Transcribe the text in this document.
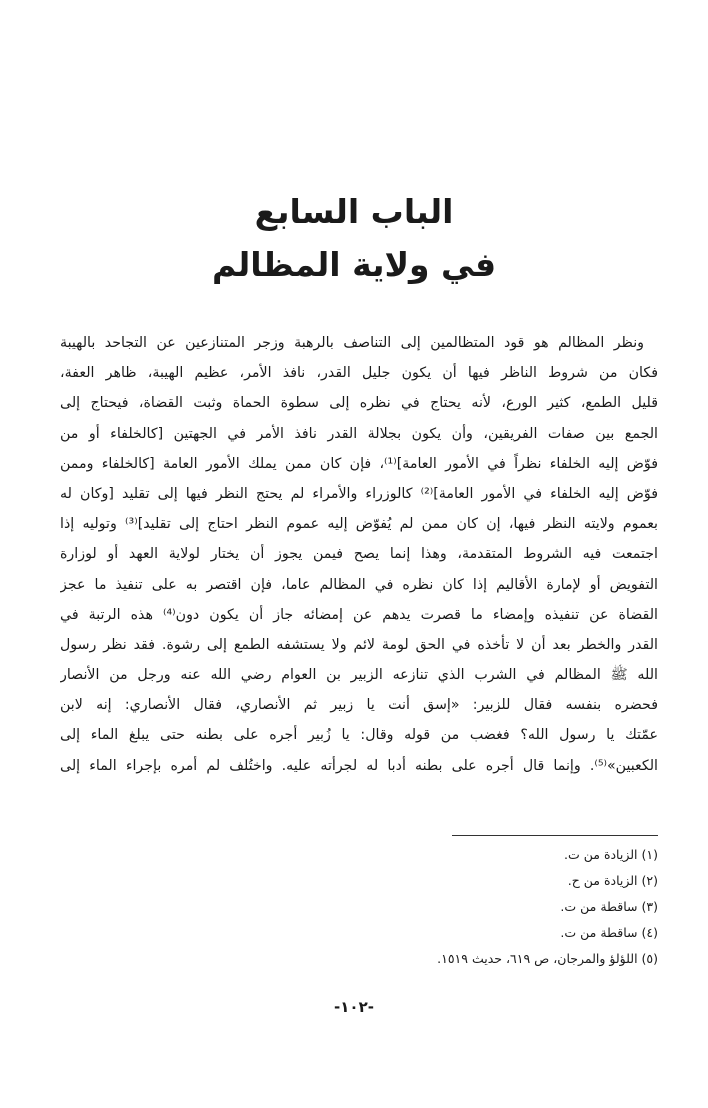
الباب السابع
في ولاية المظالم
ونظر المظالم هو قود المتظالمين إلى التناصف بالرهبة وزجر المتنازعين عن التجاحد بالهيبة
فكان من شروط الناظر فيها أن يكون جليل القدر، نافذ الأمر، عظيم الهيبة، ظاهر العفة،
قليل الطمع، كثير الورع، لأنه يحتاج في نظره إلى سطوة الحماة وثبت القضاة، فيحتاج إلى
الجمع بين صفات الفريقين، وأن يكون بجلالة القدر نافذ الأمر في الجهتين [كالخلفاء أو من
فوّض إليه الخلفاء نظراً في الأمور العامة]⁽¹⁾، فإن كان ممن يملك الأمور العامة [كالخلفاء وممن
فوّض إليه الخلفاء في الأمور العامة]⁽²⁾ كالوزراء والأمراء لم يحتج النظر فيها إلى تقليد [وكان له
بعموم ولايته النظر فيها، إن كان ممن لم يُفوّض إليه عموم النظر احتاج إلى تقليد]⁽³⁾ وتوليه إذا
اجتمعت فيه الشروط المتقدمة، وهذا إنما يصح فيمن يجوز أن يختار لولاية العهد أو لوزارة
التفويض أو لإمارة الأقاليم إذا كان نظره في المظالم عاما، فإن اقتصر به على تنفيذ ما عجز
القضاة عن تنفيذه وإمضاء ما قصرت يدهم عن إمضائه جاز أن يكون دون⁽⁴⁾ هذه الرتبة في
القدر والخطر بعد أن لا تأخذه في الحق لومة لائم ولا يستشفه الطمع إلى رشوة. فقد نظر رسول
الله ﷺ المظالم في الشرب الذي تنازعه الزبير بن العوام رضي الله عنه ورجل من الأنصار
فحضره بنفسه فقال للزبير: «إسق أنت يا زبير ثم الأنصاري، فقال الأنصاري: إنه لابن
عمّتك يا رسول الله؟ فغضب من قوله وقال: يا زُبير أجره على بطنه حتى يبلغ الماء إلى
الكعبين»⁽⁵⁾. وإنما قال أجره على بطنه أدبا له لجرأته عليه. واختُلف لم أمره بإجراء الماء إلى
(١) الزيادة من ت.
(٢) الزيادة من ح.
(٣) ساقطة من ت.
(٤) ساقطة من ت.
(٥) اللؤلؤ والمرجان، ص ٦١٩، حديث ١٥١٩.
-١٠٢-
